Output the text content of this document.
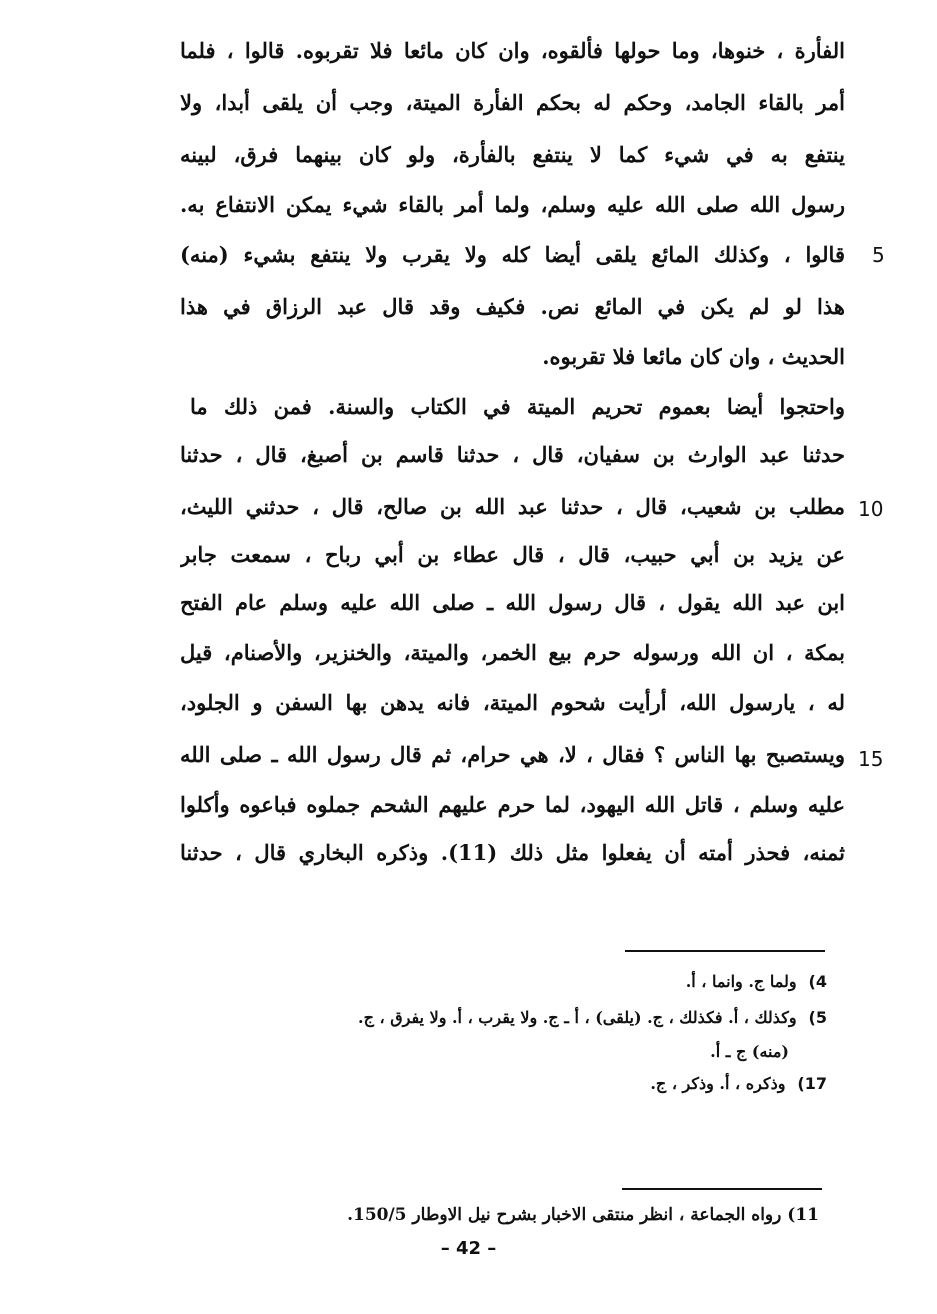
الفأرة ، خنوها، وما حولها فألقوه، وان كان مائعا فلا تقربوه. قالوا ، فلما
أمر بالقاء الجامد، وحكم له بحكم الفأرة الميتة، وجب أن يلقى أبدا، ولا
ينتفع به في شيء كما لا ينتفع بالفأرة، ولو كان بينهما فرق، لبينه
رسول الله صلى الله عليه وسلم، ولما أمر بالقاء شيء يمكن الانتفاع به.
قالوا ، وكذلك المائع يلقى أيضا كله ولا يقرب ولا ينتفع بشيء (منه)
هذا لو لم يكن في المائع نص. فكيف وقد قال عبد الرزاق في هذا
الحديث ، وان كان مائعا فلا تقربوه.
واحتجوا أيضا بعموم تحريم الميتة في الكتاب والسنة. فمن ذلك ما
حدثنا عبد الوارث بن سفيان، قال ، حدثنا قاسم بن أصبغ، قال ، حدثنا
مطلب بن شعيب، قال ، حدثنا عبد الله بن صالح، قال ، حدثني الليث،
عن يزيد بن أبي حبيب، قال ، قال عطاء بن أبي رباح ، سمعت جابر
ابن عبد الله يقول ، قال رسول الله ـ صلى الله عليه وسلم عام الفتح
بمكة ، ان الله ورسوله حرم بيع الخمر، والميتة، والخنزير، والأصنام، قيل
له ، يارسول الله، أرأيت شحوم الميتة، فانه يدهن بها السفن و الجلود،
ويستصبح بها الناس ؟ فقال ، لا، هي حرام، ثم قال رسول الله ـ صلى الله
عليه وسلم ، قاتل الله اليهود، لما حرم عليهم الشحم جملوه فباعوه وأكلوا
ثمنه، فحذر أمته أن يفعلوا مثل ذلك (11). وذكره البخاري قال ، حدثنا
5
10
15
4)ولما ج. وانما ، أ.
5)وكذلك ، أ. فكذلك ، ج. (يلقى) ، أ ـ ج. ولا يقرب ، أ. ولا يفرق ، ج.
(منه) ج ـ أ.
17)وذكره ، أ. وذكر ، ج.
11) رواه الجماعة ، انظر منتقى الاخبار بشرح نيل الاوطار 150/5.
– 42 –
